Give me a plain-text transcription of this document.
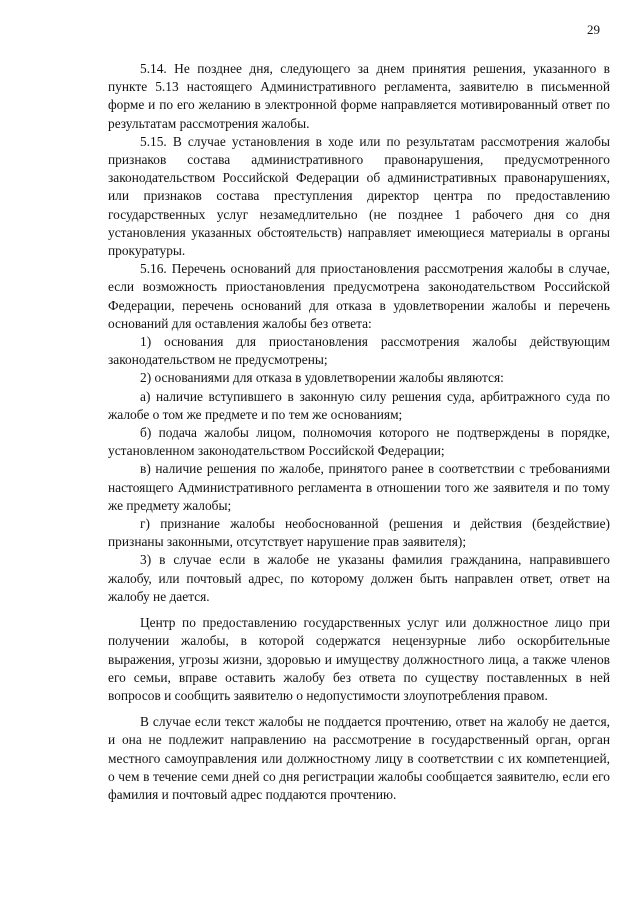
29

5.14. Не позднее дня, следующего за днем принятия решения, указанного в пункте 5.13 настоящего Административного регламента, заявителю в письменной форме и по его желанию в электронной форме направляется мотивированный ответ по результатам рассмотрения жалобы.

5.15. В случае установления в ходе или по результатам рассмотрения жалобы признаков состава административного правонарушения, предусмотренного законодательством Российской Федерации об административных правонарушениях, или признаков состава преступления директор центра по предоставлению государственных услуг незамедлительно (не позднее 1 рабочего дня со дня установления указанных обстоятельств) направляет имеющиеся материалы в органы прокуратуры.

5.16. Перечень оснований для приостановления рассмотрения жалобы в случае, если возможность приостановления предусмотрена законодательством Российской Федерации, перечень оснований для отказа в удовлетворении жалобы и перечень оснований для оставления жалобы без ответа:

1) основания для приостановления рассмотрения жалобы действующим законодательством не предусмотрены;

2) основаниями для отказа в удовлетворении жалобы являются:

а) наличие вступившего в законную силу решения суда, арбитражного суда по жалобе о том же предмете и по тем же основаниям;

б) подача жалобы лицом, полномочия которого не подтверждены в порядке, установленном законодательством Российской Федерации;

в) наличие решения по жалобе, принятого ранее в соответствии с требованиями настоящего Административного регламента в отношении того же заявителя и по тому же предмету жалобы;

г) признание жалобы необоснованной (решения и действия (бездействие) признаны законными, отсутствует нарушение прав заявителя);

3) в случае если в жалобе не указаны фамилия гражданина, направившего жалобу, или почтовый адрес, по которому должен быть направлен ответ, ответ на жалобу не дается.

Центр по предоставлению государственных услуг или должностное лицо при получении жалобы, в которой содержатся нецензурные либо оскорбительные выражения, угрозы жизни, здоровью и имуществу должностного лица, а также членов его семьи, вправе оставить жалобу без ответа по существу поставленных в ней вопросов и сообщить заявителю о недопустимости злоупотребления правом.

В случае если текст жалобы не поддается прочтению, ответ на жалобу не дается, и она не подлежит направлению на рассмотрение в государственный орган, орган местного самоуправления или должностному лицу в соответствии с их компетенцией, о чем в течение семи дней со дня регистрации жалобы сообщается заявителю, если его фамилия и почтовый адрес поддаются прочтению.
